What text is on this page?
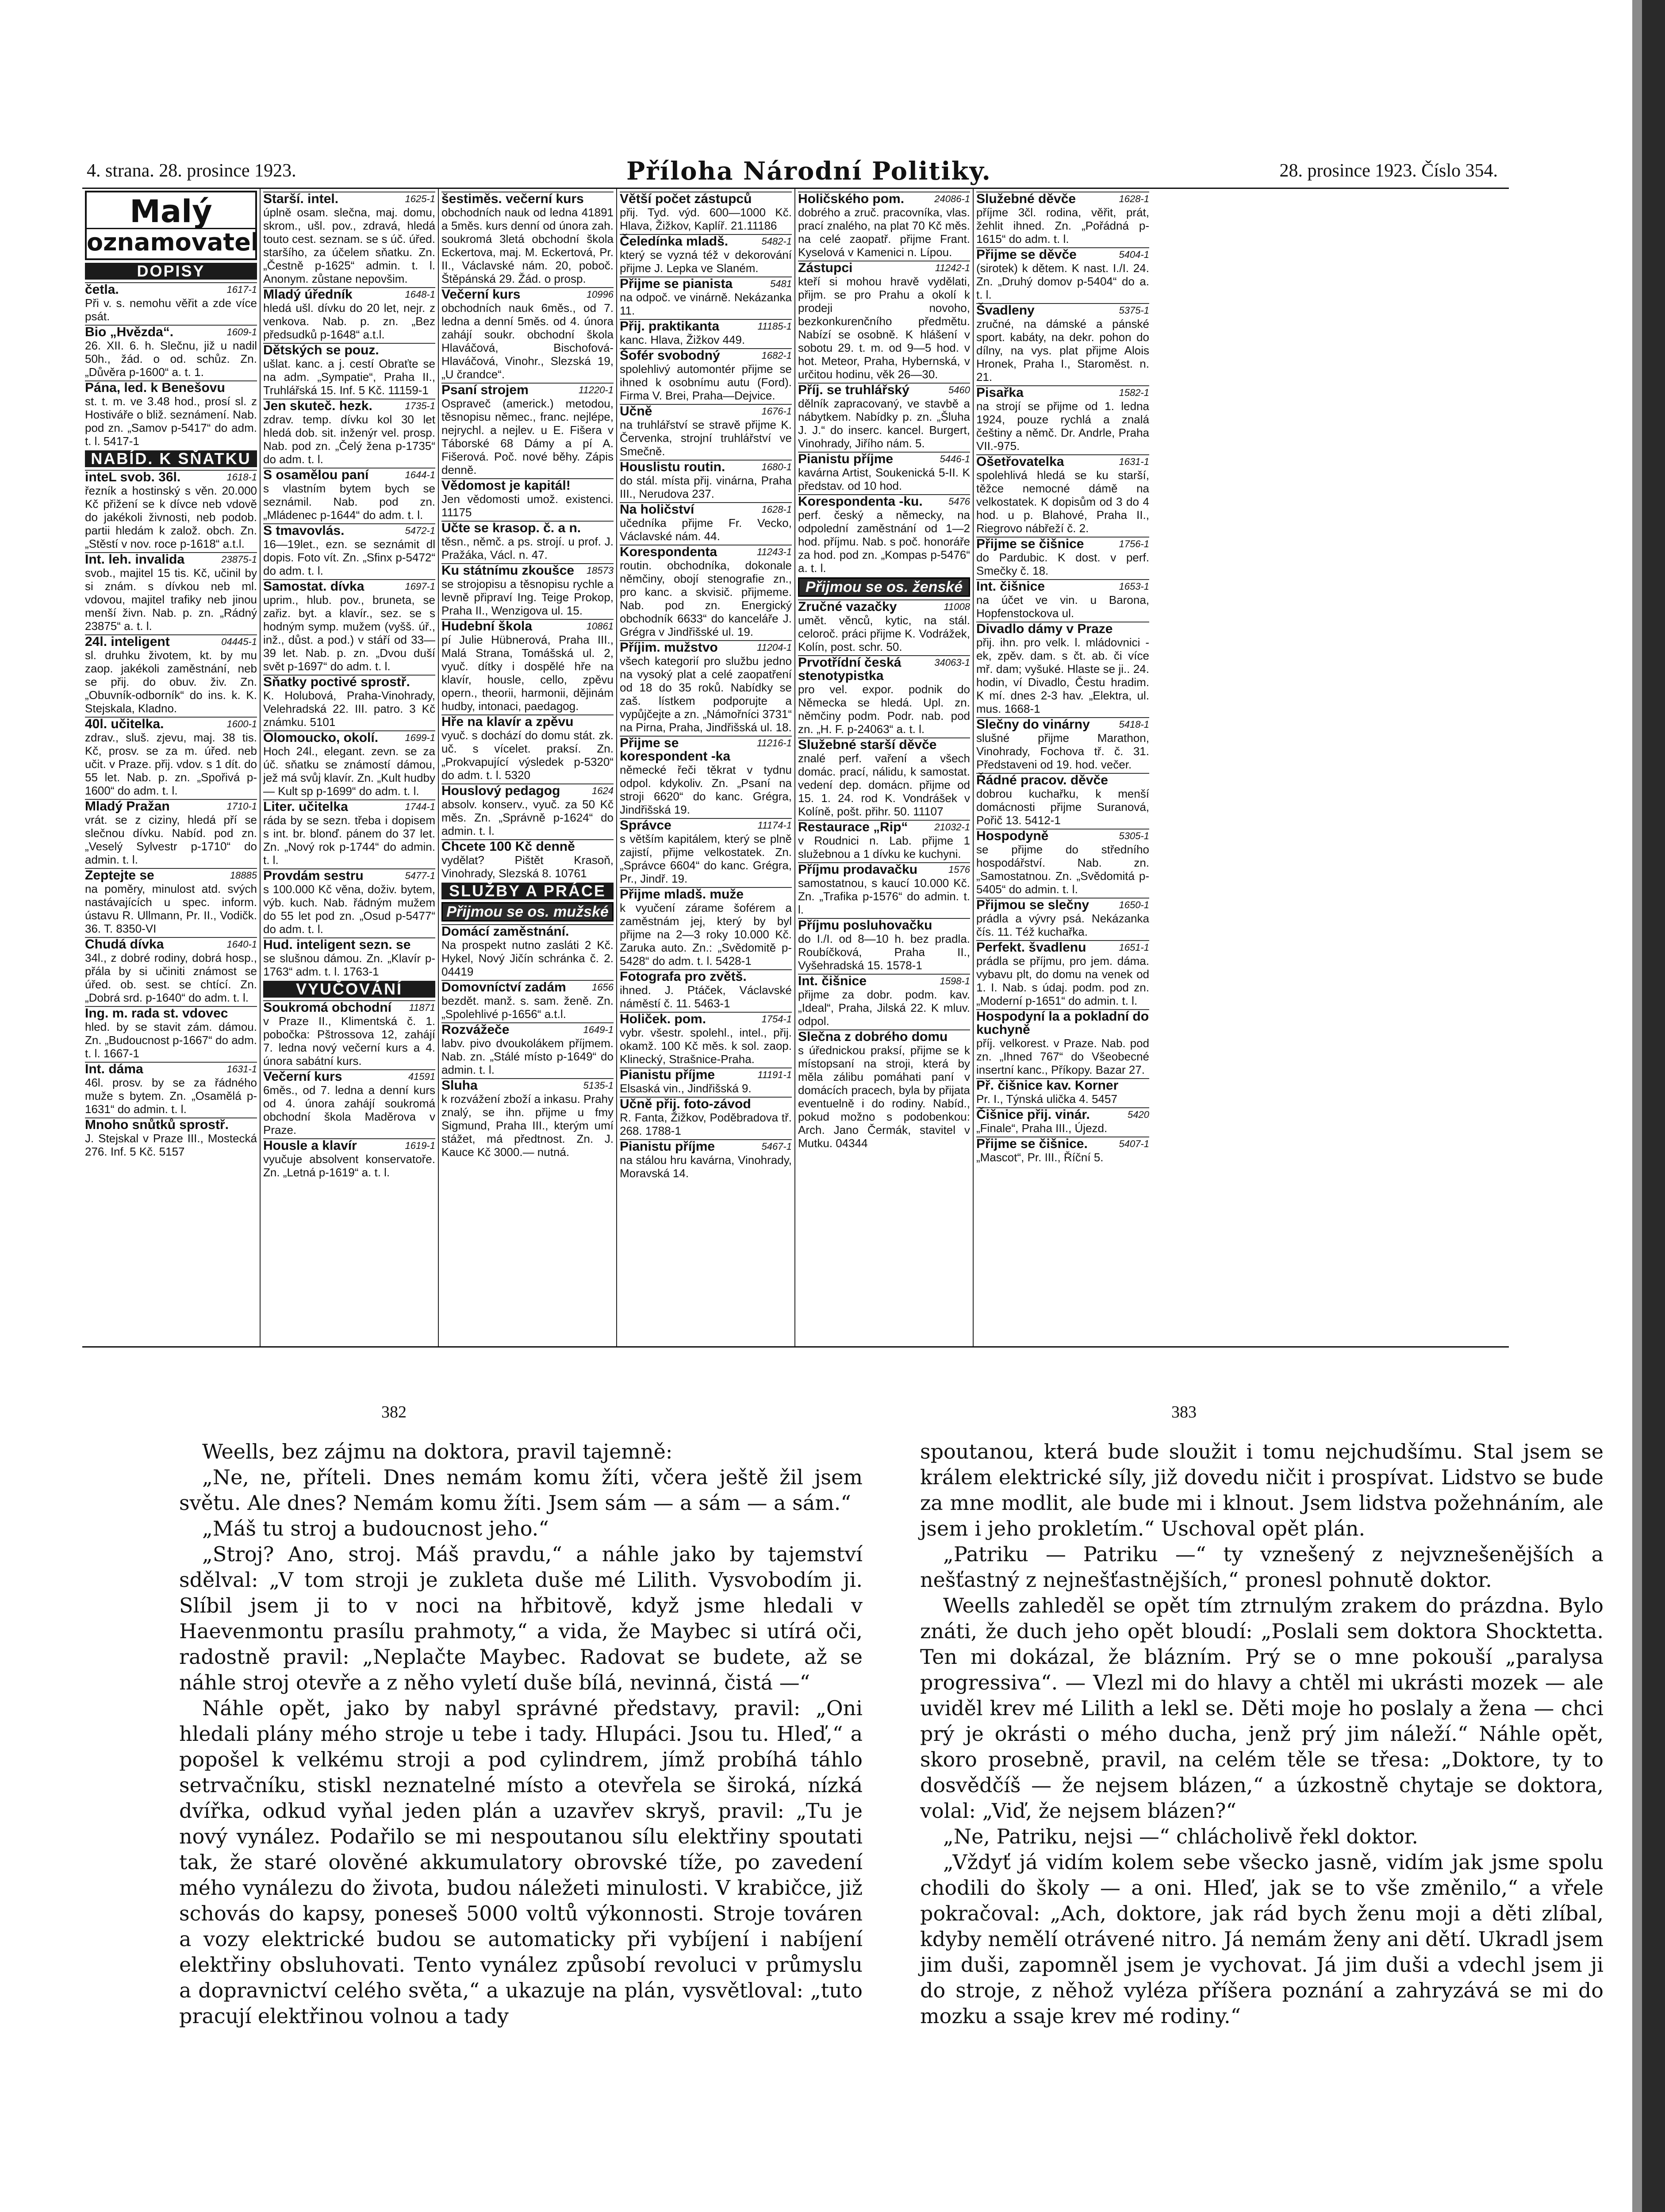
4. strana. 28. prosince 1923.	Příloha Národní Politiky.	28. prosince 1923. Číslo 354.
Malý
oznamovatel
DOPISY
1617-1
četla.
Při v. s. nemohu věřit a zde více psát.
1609-1
Bio „Hvězda“.
26. XII. 6. h. Slečnu, již u nadil 50h., žád. o od. schůz. Zn. „Důvěra p-1600“ a. t. 1.
Pána, led. k Benešovu
st. t. m. ve 3.48 hod., prosí sl. z Hostiváře o bliž. seznámení. Nab. pod zn. „Samov p-5417“ do adm. t. l. 5417-1
NABÍD. K SŇATKU
1618-1
inteL svob. 36l.
řezník a hostinský s věn. 20.000 Kč přižení se k dívce neb vdově do jakékoli živnosti, neb podob. partii hledám k založ. obch. Zn. „Stěstí v nov. roce p-1618“ a.t.l.
23875-1
Int. leh. invalida
svob., majitel 15 tis. Kč, učinil by si znám. s dívkou neb ml. vdovou, majitel trafiky neb jinou menší živn. Nab. p. zn. „Rádný 23875“ a. t. l.
04445-1
24l. inteligent
sl. druhku životem, kt. by mu zaop. jakékoli zaměstnání, neb se přij. do obuv. živ. Zn. „Obuvník-odborník“ do ins. k. K. Stejskala, Kladno.
1600-1
40l. učitelka.
zdrav., sluš. zjevu, maj. 38 tis. Kč, prosv. se za m. úřed. neb učit. v Praze. přij. vdov. s 1 dít. do 55 let. Nab. p. zn. „Spořivá p-1600“ do adm. t. l.
1710-1
Mladý Pražan
vrát. se z ciziny, hledá pří se slečnou dívku. Nabíd. pod zn. „Veselý Sylvestr p-1710“ do admin. t. l.
18885
Zeptejte se
na poměry, minulost atd. svých nastávajících u spec. inform. ústavu R. Ullmann, Pr. II., Vodičk. 36. T. 8350-VI
1640-1
Chudá dívka
34l., z dobré rodiny, dobrá hosp., přála by si učiniti známost se úřed. ob. sest. se chtící. Zn. „Dobrá srd. p-1640“ do adm. t. l.
Ing. m. rada st. vdovec
hled. by se stavit zám. dámou. Zn. „Budoucnost p-1667“ do adm. t. l. 1667-1
1631-1
Int. dáma
46l. prosv. by se za řádného muže s bytem. Zn. „Osamělá p-1631“ do admin. t. l.
Mnoho snůtků sprostř.
J. Stejskal v Praze III., Mostecká 276. Inf. 5 Kč. 5157
1625-1
Starší. intel.
úplně osam. slečna, maj. domu, skrom., ušl. pov., zdravá, hledá touto cest. seznam. se s úč. úřed. staršího, za účelem sňatku. Zn. „Čestně p-1625“ admin. t. l. Anonym. zůstane nepovšim.
1648-1
Mladý úředník
hledá ušl. dívku do 20 let, nejr. z venkova. Nab. p. zn. „Bez předsudků p-1648“ a.t.l.
Dětských se pouz.
ušlat. kanc. a j. cestí Obraťte se na adm. „Sympatie“, Praha II., Truhlářská 15. Inf. 5 Kč. 11159-1
1735-1
Jen skuteč. hezk.
zdrav. temp. dívku kol 30 let hledá dob. sit. inženýr vel. prosp. Nab. pod zn. „Čelý žena p-1735“ do adm. t. l.
1644-1
S osamělou paní
s vlastním bytem bych se seznámil. Nab. pod zn. „Mládenec p-1644“ do adm. t. l.
5472-1
S tmavovlás.
16—19let., ezn. se seznámit dl dopis. Foto vít. Zn. „Sfinx p-5472“ do adm. t. l.
1697-1
Samostat. dívka
uprim., hlub. pov., bruneta, se zařiz. byt. a klavír., sez. se s hodným symp. mužem (vyšš. úř., inž., důst. a pod.) v stáří od 33—39 let. Nab. p. zn. „Dvou duší svět p-1697“ do adm. t. l.
Sňatky poctivé sprostř.
K. Holubová, Praha-Vinohrady, Velehradská 22. III. patro. 3 Kč známku. 5101
1699-1
Olomoucko, okolí.
Hoch 24l., elegant. zevn. se za úč. sňatku se známostí dámou, jež má svůj klavír. Zn. „Kult hudby — Kult sp p-1699“ do adm. t. l.
1744-1
Liter. učitelka
ráda by se sezn. třeba i dopisem s int. br. blonď. pánem do 37 let. Zn. „Nový rok p-1744“ do admin. t. l.
5477-1
Provdám sestru
s 100.000 Kč věna, doživ. bytem, výb. kuch. Nab. řádným mužem do 55 let pod zn. „Osud p-5477“ do adm. t. l.
Hud. inteligent sezn. se
se slušnou dámou. Zn. „Klavír p-1763“ adm. t. l. 1763-1
VYUČOVÁNÍ
11871
Soukromá obchodní
v Praze II., Klimentská č. 1. pobočka: Pštrossova 12, zahájí 7. ledna nový večerní kurs a 4. února sabátní kurs.
41591
Večerní kurs
6měs., od 7. ledna a denní kurs od 4. února zahájí soukromá obchodní škola Maděrova v Praze.
1619-1
Housle a klavír
vyučuje absolvent konservatoře. Zn. „Letná p-1619“ a. t. l.
šestiměs. večerní kurs
obchodních nauk od ledna 41891 a 5měs. kurs denní od února zah. soukromá 3letá obchodní škola Eckertova, maj. M. Eckertová, Pr. II., Václavské nám. 20, poboč. Štěpánská 29. Žád. o prosp.
10996
Večerní kurs
obchodních nauk 6měs., od 7. ledna a denní 5měs. od 4. února zahájí soukr. obchodní škola Hlaváčová, Bischofová-Hlaváčová, Vinohr., Slezská 19, „U črandce“.
11220-1
Psaní strojem
Ospraveč (americk.) metodou, těsnopisu němec., franc. nejlépe, nejrychl. a nejlev. u E. Fišera v Táborské 68 Dámy a pí A. Fišerová. Poč. nové běhy. Zápis denně.
Vědomost je kapitál!
Jen vědomosti umož. existenci. 11175
Učte se krasop. č. a n.
těsn., němč. a ps. strojí. u prof. J. Pražáka, Václ. n. 47.
18573
Ku státnímu zkoušce
se strojopisu a těsnopisu rychle a levně připraví Ing. Teige Prokop, Praha II., Wenzigova ul. 15.
10861
Hudební škola
pí Julie Hübnerová, Praha III., Malá Strana, Tomášská ul. 2, vyuč. dítky i dospělé hře na klavír, housle, cello, zpěvu opern., theorii, harmonii, dějinám hudby, intonaci, paedagog.
Hře na klavír a zpěvu
vyuč. s dochází do domu stát. zk. uč. s vícelet. praksí. Zn. „Prokvapující výsledek p-5320“ do adm. t. l. 5320
1624
Houslový pedagog
absolv. konserv., vyuč. za 50 Kč měs. Zn. „Správně p-1624“ do admin. t. l.
Chcete 100 Kč denně
vydělat? Pištět Krasoň, Vinohrady, Slezská 8. 10761
SLUŽBY A PRÁCE
Přijmou se os. mužské
Domácí zaměstnání.
Na prospekt nutno zasláti 2 Kč. Hykel, Nový Jičín schránka č. 2. 04419
1656
Domovníctví zadám
bezdět. manž. s. sam. ženě. Zn. „Spolehlivé p-1656“ a.t.l.
1649-1
Rozvážeče
labv. pivo dvoukolákem příjmem. Nab. zn. „Stálé místo p-1649“ do admin. t. l.
5135-1
Sluha
k rozvážení zboží a inkasu. Prahy znalý, se ihn. přijme u fmy Sigmund, Praha III., kterým umí stážet, má předtnost. Zn. J. Kauce Kč 3000.— nutná.
Větší počet zástupců
přij. Tyd. výd. 600—1000 Kč. Hlava, Žižkov, Kaplíř. 21.11186
5482-1
Čeledínka mladš.
který se vyzná též v dekorování přijme J. Lepka ve Slaném.
5481
Přijme se pianista
na odpoč. ve vinárně. Nekázanka 11.
11185-1
Přij. praktikanta
kanc. Hlava, Žižkov 449.
1682-1
Šofér svobodný
spolehlivý automontér přijme se ihned k osobnímu autu (Ford). Firma V. Brei, Praha—Dejvice.
1676-1
Učně
na truhlářství se stravě přijme K. Červenka, strojní truhlářství ve Smečně.
1680-1
Houslistu routin.
do stál. místa přij. vinárna, Praha III., Nerudova 237.
1628-1
Na holičství
učedníka přijme Fr. Vecko, Václavské nám. 44.
11243-1
Korespondenta
routin. obchodníka, dokonale němčiny, obojí stenografie zn., pro kanc. a skvisič. přijmeme. Nab. pod zn. Energický obchodník 6633“ do kanceláře J. Grégra v Jindřišské ul. 19.
11204-1
Příjim. mužstvo
všech kategorií pro službu jedno na vysoký plat a celé zaopatření od 18 do 35 roků. Nabídky se zaš. lístkem podporujte a vypůjčejte a zn. „Námořníci 3731“ na Pirna, Praha, Jindřišská ul. 18.
11216-1
Přijme se korespondent -ka
německé řeči těkrat v tydnu odpol. kdykoliv. Zn. „Psaní na stroji 6620“ do kanc. Grégra, Jindřišská 19.
11174-1
Správce
s větším kapitálem, který se plně zajistí, přijme velkostatek. Zn. „Správce 6604“ do kanc. Grégra, Pr., Jindř. 19.
Přijme mladš. muže
k vyučení zárame šoférem a zaměstnám jej, který by byl přijme na 2—3 roky 10.000 Kč. Zaruka auto. Zn.: „Svědomitě p-5428“ do adm. t. l. 5428-1
Fotografa pro zvětš.
ihned. J. Ptáček, Václavské náměstí č. 11. 5463-1
1754-1
Holiček. pom.
vybr. všestr. spolehl., intel., přij. okamž. 100 Kč měs. k sol. zaop. Klinecký, Strašnice-Praha.
11191-1
Pianistu příjme
Elsaská vin., Jindřišská 9.
Učně přij. foto-závod
R. Fanta, Žižkov, Poděbradova tř. 268. 1788-1
5467-1
Pianistu příjme
na stálou hru kavárna, Vinohrady, Moravská 14.
24086-1
Holičského pom.
dobrého a zruč. pracovníka, vlas. prací znalého, na plat 70 Kč měs. na celé zaopatř. přijme Frant. Kyselová v Kamenici n. Lípou.
11242-1
Zástupci
kteří si mohou hravě vydělati, přijm. se pro Prahu a okolí k prodeji novoho, bezkonkurenčního předmětu. Nabízí se osobně. K hlášení v sobotu 29. t. m. od 9—5 hod. v hot. Meteor, Praha, Hybernská, v určitou hodinu, věk 26—30.
5460
Příj. se truhlářský
dělník zapracovaný, ve stavbě a nábytkem. Nabídky p. zn. „Šluha J. J.“ do inserc. kancel. Burgert, Vinohrady, Jiřího nám. 5.
5446-1
Pianistu příjme
kavárna Artist, Soukenická 5-II. K představ. od 10 hod.
5476
Korespondenta -ku.
perf. český a německy, na odpolední zaměstnání od 1—2 hod. příjmu. Nab. s poč. honoráře za hod. pod zn. „Kompas p-5476“ a. t. l.
Přijmou se os. ženské
11008
Zručné vazačky
umět. věnců, kytic, na stál. celoroč. práci přijme K. Vodrážek, Kolín, post. schr. 50.
34063-1
Prvotřídní česká stenotypistka
pro vel. expor. podnik do Německa se hledá. Upl. zn. němčiny podm. Podr. nab. pod zn. „H. F. p-24063“ a. t. l.
Služebné starší děvče
znalé perf. vaření a všech domác. prací, nálidu, k samostat. vedení dep. domácn. přijme od 15. 1. 24. rod K. Vondrášek v Kolíně, pošt. přihr. 50. 11107
21032-1
Restaurace „Rip“
v Roudnici n. Lab. přijme 1 služebnou a 1 dívku ke kuchyni.
1576
Příjmu prodavačku
samostatnou, s kaucí 10.000 Kč. Zn. „Trafika p-1576“ do admin. t. l.
Příjmu posluhovačku
do I./I. od 8—10 h. bez pradla. Roubíčková, Praha II., Vyšehradská 15. 1578-1
1598-1
Int. čišnice
přijme za dobr. podm. kav. „Ideal“, Praha, Jilská 22. K mluv. odpol.
Slečna z dobrého domu
s úřednickou praksí, přijme se k místopsaní na stroji, která by měla zálibu pomáhati paní v domácích pracech, byla by přijata eventuelně i do rodiny. Nabíd., pokud možno s podobenkou: Arch. Jano Čermák, stavitel v Mutku. 04344
1628-1
Služebné děvče
příjme 3čl. rodina, věřit, prát, žehlit ihned. Zn. „Pořádná p-1615“ do adm. t. l.
5404-1
Přijme se děvče
(sirotek) k dětem. K nast. I./I. 24. Zn. „Druhý domov p-5404“ do a. t. l.
5375-1
Švadleny
zručné, na dámské a pánské sport. kabáty, na dekr. pohon do dílny, na vys. plat přijme Alois Hronek, Praha I., Staroměst. n. 21.
1582-1
Pisařka
na strojí se přijme od 1. ledna 1924, pouze rychlá a znalá češtiny a němč. Dr. Andrle, Praha VII.-975.
1631-1
Ošetřovatelka
spolehlivá hledá se ku starší, těžce nemocné dámě na velkostatek. K dopisům od 3 do 4 hod. u p. Blahové, Praha II., Riegrovo nábřeží č. 2.
1756-1
Přijme se čišnice
do Pardubic. K dost. v perf. Smečky č. 18.
1653-1
Int. čišnice
na účet ve vin. u Barona, Hopfenstockova ul.
Divadlo dámy v Praze
přij. ihn. pro velk. l. mládovnici -ek, zpěv. dam. s čt. ab. či více mř. dam; vyšuké. Hlaste se ji.. 24. hodin, ví Divadlo, Čestu hradim. K mí. dnes 2-3 hav. „Elektra, ul. mus. 1668-1
5418-1
Slečny do vinárny
slušné přijme Marathon, Vinohrady, Fochova tř. č. 31. Představeni od 19. hod. večer.
Řádné pracov. děvče
dobrou kuchařku, k menší domácnosti přijme Suranová, Pořič 13. 5412-1
5305-1
Hospodyně
se přijme do středního hospodářství. Nab. zn. „Samostatnou. Zn. „Svědomitá p-5405“ do admin. t. l.
1650-1
Přijmou se slečny
prádla a vývry psá. Nekázanka čís. 11. Též kuchařka.
1651-1
Perfekt. švadlenu
prádla se příjmu, pro jem. dáma. vybavu plt, do domu na venek od 1. I. Nab. s údaj. podm. pod zn. „Moderní p-1651“ do admin. t. l.
Hospodyní la a pokladní do kuchyně
příj. velkorest. v Praze. Nab. pod zn. „Ihned 767“ do Všeobecné insertní kanc., Příkopy. Bazar 27.
Př. čišnice kav. Korner
Pr. I., Týnská ulička 4. 5457
5420
Čišnice přij. vinár.
„Finale“, Praha III., Újezd.
5407-1
Přijme se čišnice.
„Mascot“, Pr. III., Říční 5.
382	383

Weells, bez zájmu na doktora, pravil tajemně:

„Ne, ne, příteli. Dnes nemám komu žíti, včera ještě žil jsem světu. Ale dnes? Nemám komu žíti. Jsem sám — a sám — a sám.“

„Máš tu stroj a budoucnost jeho.“

„Stroj? Ano, stroj. Máš pravdu,“ a náhle jako by tajemství sdělval: „V tom stroji je zukleta duše mé Lilith. Vysvobodím ji. Slíbil jsem ji to v noci na hřbitově, když jsme hledali v Haevenmontu prasílu prahmoty,“ a vida, že Maybec si utírá oči, radostně pravil: „Neplačte Maybec. Radovat se budete, až se náhle stroj otevře a z něho vyletí duše bílá, nevinná, čistá —“

Náhle opět, jako by nabyl správné představy, pravil: „Oni hledali plány mého stroje u tebe i tady. Hlupáci. Jsou tu. Hleď,“ a popošel k velkému stroji a pod cylindrem, jímž probíhá táhlo setrvačníku, stiskl neznatelné místo a otevřela se široká, nízká dvířka, odkud vyňal jeden plán a uzavřev skryš, pravil: „Tu je nový vynález. Podařilo se mi nespoutanou sílu elektřiny spoutati tak, že staré olověné akkumulatory obrovské tíže, po zavedení mého vynálezu do života, budou náležeti minulosti. V krabičce, již schovás do kapsy, poneseš 5000 voltů výkonnosti. Stroje továren a vozy elektrické budou se automaticky při vybíjení i nabíjení elektřiny obsluhovati. Tento vynález způsobí revoluci v průmyslu a dopravnictví celého světa,“ a ukazuje na plán, vysvětloval: „tuto pracují elektřinou volnou a tady

spoutanou, která bude sloužit i tomu nejchudšímu. Stal jsem se králem elektrické síly, již dovedu ničit i prospívat. Lidstvo se bude za mne modlit, ale bude mi i klnout. Jsem lidstva požehnáním, ale jsem i jeho prokletím.“ Uschoval opět plán.

„Patriku — Patriku —“ ty vznešený z nejvznešenějších a nešťastný z nejnešťastnějších,“ pronesl pohnutě doktor.

Weells zahleděl se opět tím ztrnulým zrakem do prázdna. Bylo znáti, že duch jeho opět bloudí: „Poslali sem doktora Shocktetta. Ten mi dokázal, že blázním. Prý se o mne pokouší „paralysa progressiva“. — Vlezl mi do hlavy a chtěl mi ukrásti mozek — ale uviděl krev mé Lilith a lekl se. Děti moje ho poslaly a žena — chci prý je okrásti o mého ducha, jenž prý jim náleží.“ Náhle opět, skoro prosebně, pravil, na celém těle se třesa: „Doktore, ty to dosvědčíš — že nejsem blázen,“ a úzkostně chytaje se doktora, volal: „Viď, že nejsem blázen?“

„Ne, Patriku, nejsi —“ chlácholivě řekl doktor.

„Vždyť já vidím kolem sebe všecko jasně, vidím jak jsme spolu chodili do školy — a oni. Hleď, jak se to vše změnilo,“ a vřele pokračoval: „Ach, doktore, jak rád bych ženu moji a děti zlíbal, kdyby nemělí otrávené nitro. Já nemám ženy ani dětí. Ukradl jsem jim duši, zapomněl jsem je vychovat. Já jim duši a vdechl jsem ji do stroje, z něhož vyléza příšera poznání a zahryzává se mi do mozku a ssaje krev mé rodiny.“
